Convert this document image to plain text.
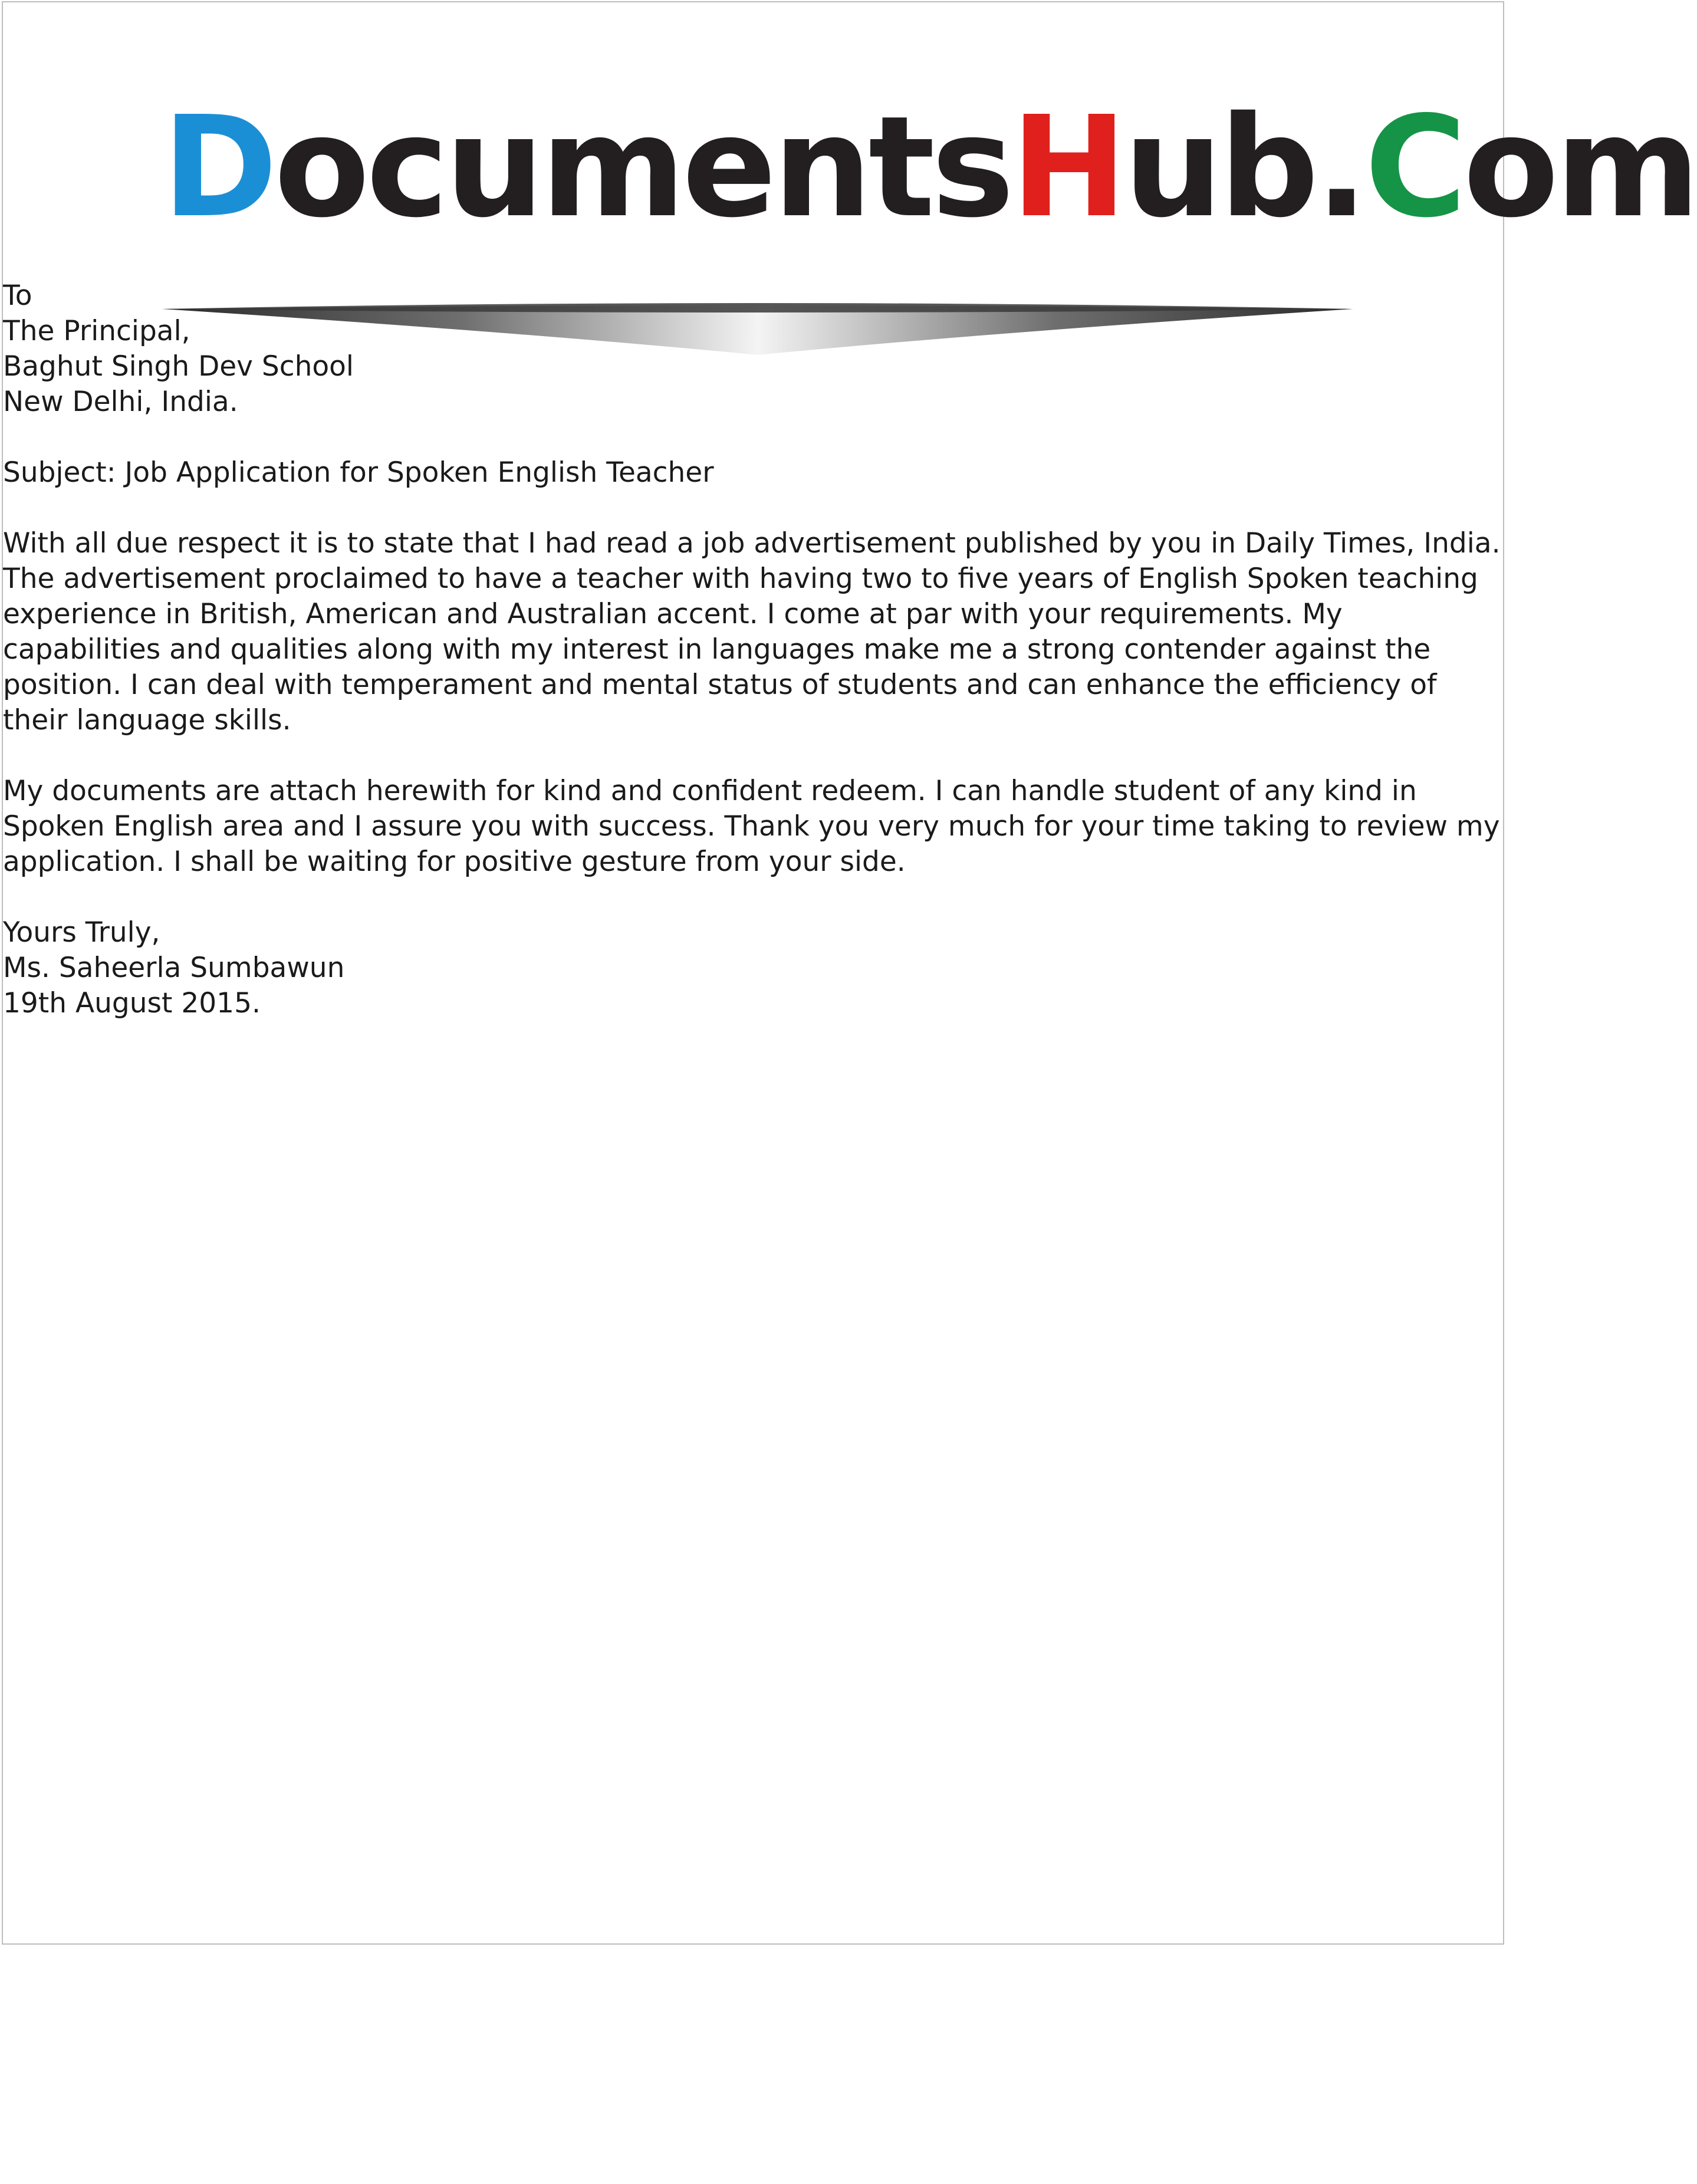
DocumentsHub.Com

To

The Principal,

Baghut Singh Dev School

New Delhi, India.

Subject: Job Application for Spoken English Teacher

With all due respect it is to state that I had read a job advertisement published by you in Daily Times, India. The advertisement proclaimed to have a teacher with having two to five years of English Spoken teaching experience in British, American and Australian accent. I come at par with your requirements. My capabilities and qualities along with my interest in languages make me a strong contender against the position. I can deal with temperament and mental status of students and can enhance the efficiency of their language skills.

My documents are attach herewith for kind and confident redeem. I can handle student of any kind in Spoken English area and I assure you with success. Thank you very much for your time taking to review my application. I shall be waiting for positive gesture from your side.

Yours Truly,

Ms. Saheerla Sumbawun

19th August 2015.
